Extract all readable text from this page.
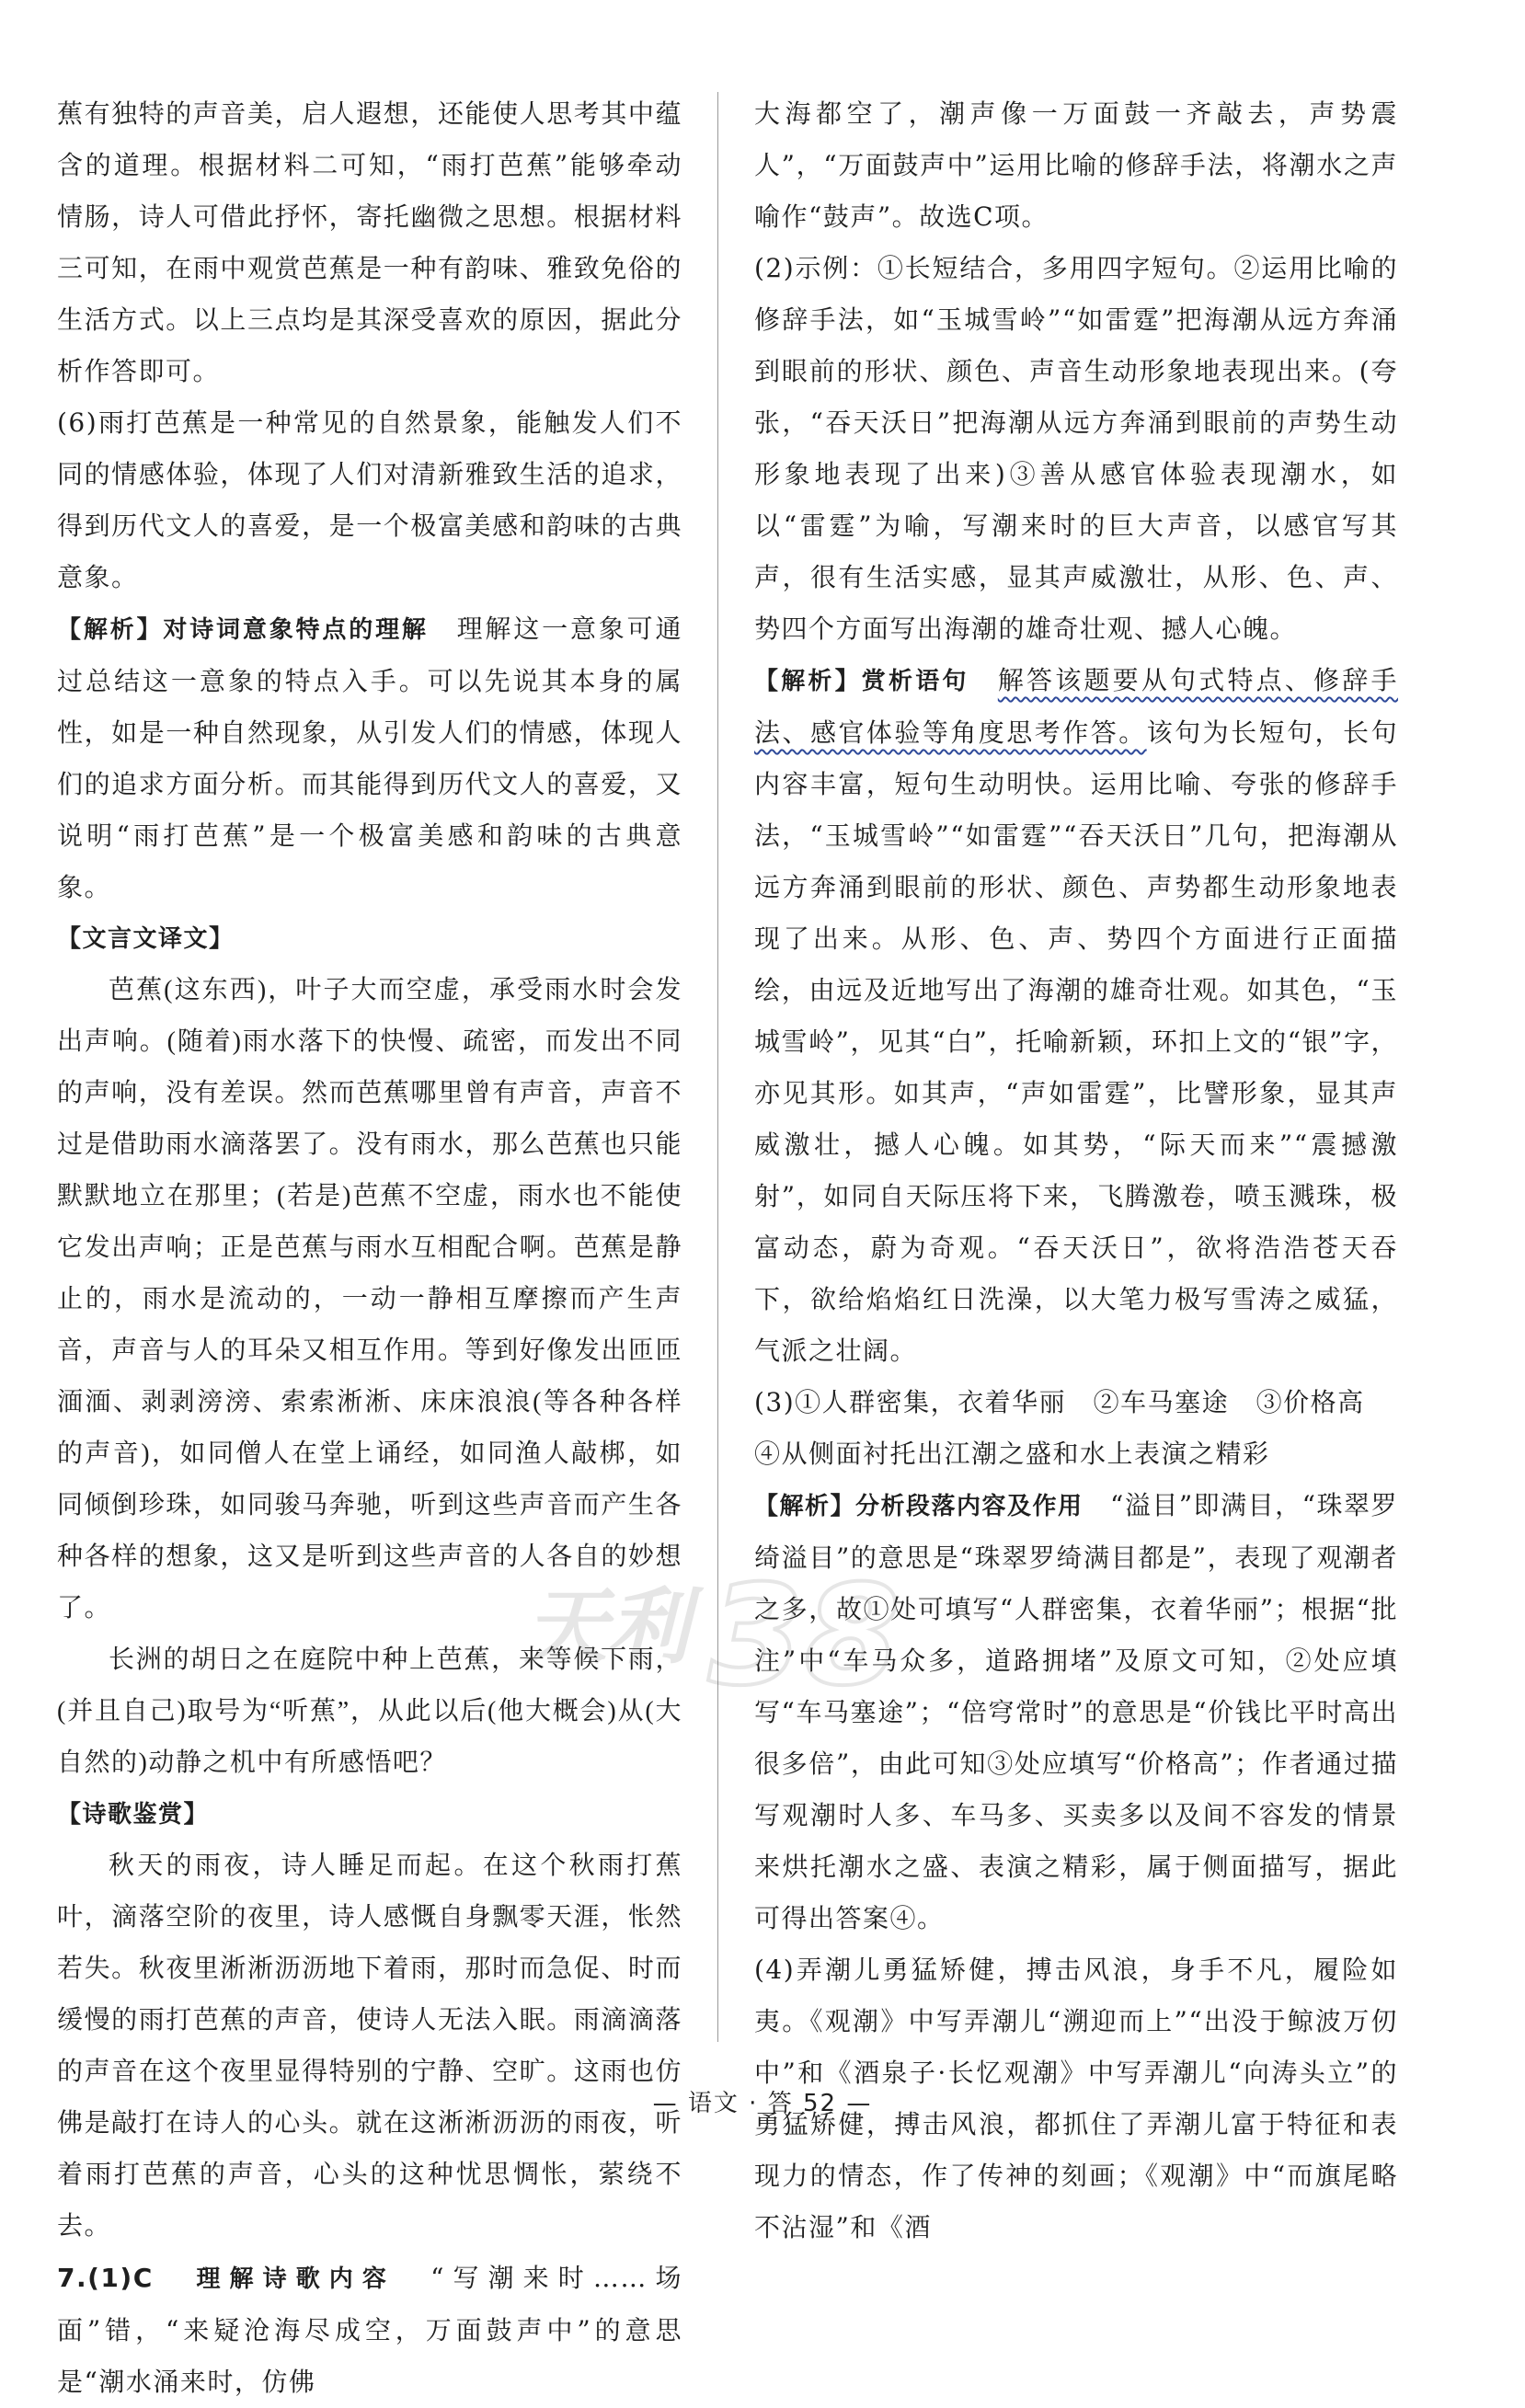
蕉有独特的声音美，启人遐想，还能使人思考其中蕴含的道理。根据材料二可知，“雨打芭蕉”能够牵动情肠，诗人可借此抒怀，寄托幽微之思想。根据材料三可知，在雨中观赏芭蕉是一种有韵味、雅致免俗的生活方式。以上三点均是其深受喜欢的原因，据此分析作答即可。

(6)雨打芭蕉是一种常见的自然景象，能触发人们不同的情感体验，体现了人们对清新雅致生活的追求，得到历代文人的喜爱，是一个极富美感和韵味的古典意象。

【解析】对诗词意象特点的理解　 理解这一意象可通过总结这一意象的特点入手。可以先说其本身的属性，如是一种自然现象，从引发人们的情感，体现人们的追求方面分析。而其能得到历代文人的喜爱，又说明“雨打芭蕉”是一个极富美感和韵味的古典意象。

【文言文译文】

芭蕉(这东西)，叶子大而空虚，承受雨水时会发出声响。(随着)雨水落下的快慢、疏密，而发出不同的声响，没有差误。然而芭蕉哪里曾有声音，声音不过是借助雨水滴落罢了。没有雨水，那么芭蕉也只能默默地立在那里；(若是)芭蕉不空虚，雨水也不能使它发出声响；正是芭蕉与雨水互相配合啊。芭蕉是静止的，雨水是流动的，一动一静相互摩擦而产生声音，声音与人的耳朵又相互作用。等到好像发出匝匝湎湎、剥剥滂滂、索索淅淅、床床浪浪(等各种各样的声音)，如同僧人在堂上诵经，如同渔人敲梆，如同倾倒珍珠，如同骏马奔驰，听到这些声音而产生各种各样的想象，这又是听到这些声音的人各自的妙想了。

长洲的胡日之在庭院中种上芭蕉，来等候下雨，(并且自己)取号为“听蕉”，从此以后(他大概会)从(大自然的)动静之机中有所感悟吧？

【诗歌鉴赏】

秋天的雨夜，诗人睡足而起。在这个秋雨打蕉叶，滴落空阶的夜里，诗人感慨自身飘零天涯，怅然若失。秋夜里淅淅沥沥地下着雨，那时而急促、时而缓慢的雨打芭蕉的声音，使诗人无法入眠。雨滴滴落的声音在这个夜里显得特别的宁静、空旷。这雨也仿佛是敲打在诗人的心头。就在这淅淅沥沥的雨夜，听着雨打芭蕉的声音，心头的这种忧思惆怅，萦绕不去。

7.(1)C　 理解诗歌内容　 “写潮来时……场面”错，“来疑沧海尽成空，万面鼓声中”的意思是“潮水涌来时，仿佛

大海都空了，潮声像一万面鼓一齐敲去，声势震人”，“万面鼓声中”运用比喻的修辞手法，将潮水之声喻作“鼓声”。故选C项。

(2)示例：①长短结合，多用四字短句。②运用比喻的修辞手法，如“玉城雪岭”“如雷霆”把海潮从远方奔涌到眼前的形状、颜色、声音生动形象地表现出来。(夸张，“吞天沃日”把海潮从远方奔涌到眼前的声势生动形象地表现了出来)③善从感官体验表现潮水，如以“雷霆”为喻，写潮来时的巨大声音，以感官写其声，很有生活实感，显其声威激壮，从形、色、声、势四个方面写出海潮的雄奇壮观、撼人心魄。

【解析】赏析语句　 解答该题要从句式特点、修辞手法、感官体验等角度思考作答。该句为长短句，长句内容丰富，短句生动明快。运用比喻、夸张的修辞手法，“玉城雪岭”“如雷霆”“吞天沃日”几句，把海潮从远方奔涌到眼前的形状、颜色、声势都生动形象地表现了出来。从形、色、声、势四个方面进行正面描绘，由远及近地写出了海潮的雄奇壮观。如其色，“玉城雪岭”，见其“白”，托喻新颖，环扣上文的“银”字，亦见其形。如其声，“声如雷霆”，比譬形象，显其声威激壮，撼人心魄。如其势，“际天而来”“震撼激射”，如同自天际压将下来，飞腾激卷，喷玉溅珠，极富动态，蔚为奇观。“吞天沃日”，欲将浩浩苍天吞下，欲给焰焰红日洗澡，以大笔力极写雪涛之威猛，气派之壮阔。

(3)①人群密集，衣着华丽　②车马塞途　③价格高

④从侧面衬托出江潮之盛和水上表演之精彩

【解析】分析段落内容及作用　 “溢目”即满目，“珠翠罗绮溢目”的意思是“珠翠罗绮满目都是”，表现了观潮者之多，故①处可填写“人群密集，衣着华丽”；根据“批注”中“车马众多，道路拥堵”及原文可知，②处应填写“车马塞途”；“倍穹常时”的意思是“价钱比平时高出很多倍”，由此可知③处应填写“价格高”；作者通过描写观潮时人多、车马多、买卖多以及间不容发的情景来烘托潮水之盛、表演之精彩，属于侧面描写，据此可得出答案④。

(4)弄潮儿勇猛矫健，搏击风浪，身手不凡，履险如夷。《观潮》中写弄潮儿“溯迎而上”“出没于鲸波万仞中”和《酒泉子·长忆观潮》中写弄潮儿“向涛头立”的勇猛矫健，搏击风浪，都抓住了弄潮儿富于特征和表现力的情态，作了传神的刻画；《观潮》中“而旗尾略不沾湿”和《酒

天利 38
— 语文 · 答 52 —
